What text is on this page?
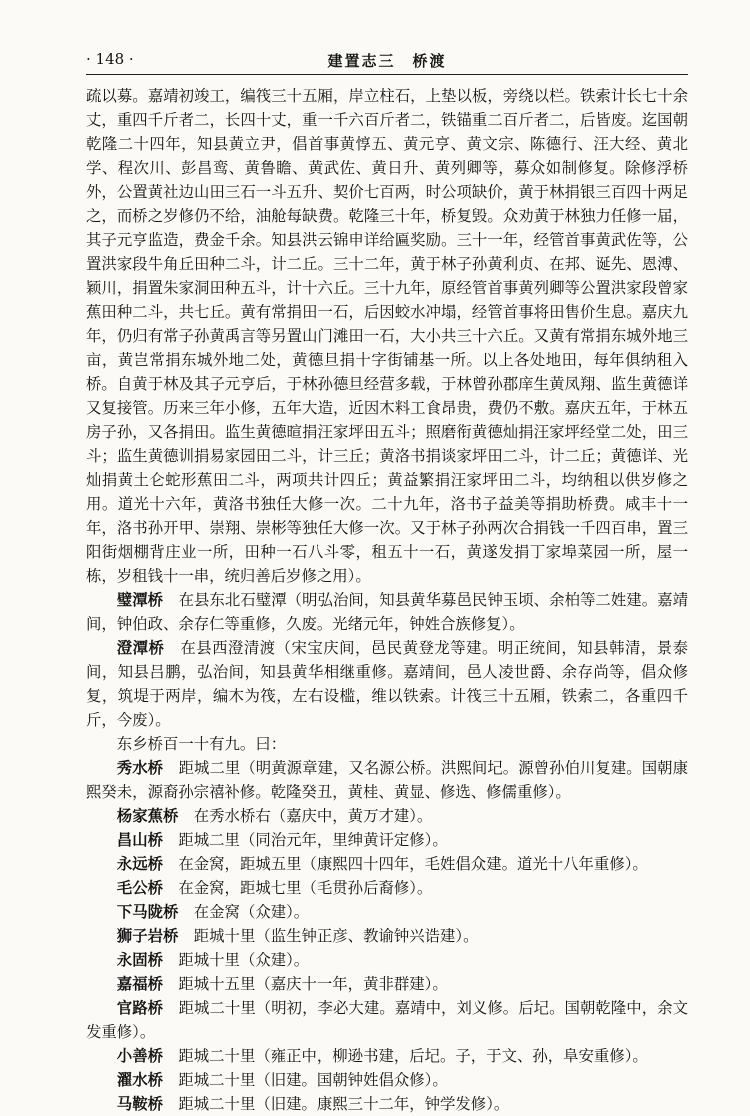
· 148 ·	建置志三　桥渡

疏以募。嘉靖初竣工，编筏三十五厢，岸立柱石，上垫以板，旁绕以栏。铁索计长七十余丈，重四千斤者二，长四十丈，重一千六百斤者二，铁锚重二百斤者二，后皆废。迄国朝乾隆二十四年，知县黄立尹，倡首事黄惇五、黄元亨、黄文宗、陈德行、汪大经、黄北学、程次川、彭昌鸾、黄鲁瞻、黄武佐、黄日升、黄列卿等，募众如制修复。除修浮桥外，公置黄社边山田三石一斗五升、契价七百两，时公项缺价，黄于林捐银三百四十两足之，而桥之岁修仍不给，油舱每缺费。乾隆三十年，桥复毁。众劝黄于林独力任修一届，其子元亨监造，费金千余。知县洪云锦申详给匾奖励。三十一年，经管首事黄武佐等，公置洪家段牛角丘田种二斗，计二丘。三十二年，黄于林子孙黄利贞、在邦、诞先、恩溥、颖川，捐置朱家洞田种五斗，计十六丘。三十九年，原经管首事黄列卿等公置洪家段曾家蕉田种二斗，共七丘。黄有常捐田一石，后因蛟水冲塌，经管首事将田售价生息。嘉庆九年，仍归有常子孙黄禹言等另置山门滩田一石，大小共三十六丘。又黄有常捐东城外地三亩，黄岂常捐东城外地二处，黄德旦捐十字街铺基一所。以上各处地田，每年俱纳租入桥。自黄于林及其子元亨后，于林孙德旦经营多载，于林曾孙郡庠生黄凤翔、监生黄德详又复接管。历来三年小修，五年大造，近因木料工食昂贵，费仍不敷。嘉庆五年，于林五房子孙，又各捐田。监生黄德暄捐汪家坪田五斗；照磨衔黄德灿捐汪家坪经堂二处，田三斗；监生黄德训捐易家园田二斗，计三丘；黄洛书捐谈家坪田二斗，计二丘；黄德详、光灿捐黄土仑蛇形蕉田二斗，两项共计四丘；黄益繁捐汪家坪田二斗，均纳租以供岁修之用。道光十六年，黄洛书独任大修一次。二十九年，洛书子益美等捐助桥费。咸丰十一年，洛书孙开甲、崇翔、崇彬等独任大修一次。又于林子孙两次合捐钱一千四百串，置三阳街烟棚背庄业一所，田种一石八斗零，租五十一石，黄遂发捐丁家埠菜园一所，屋一栋，岁租钱十一串，统归善后岁修之用）。

璧潭桥　在县东北石璧潭（明弘治间，知县黄华募邑民钟玉顷、余柏等二姓建。嘉靖间，钟伯政、余存仁等重修，久废。光绪元年，钟姓合族修复）。

澄潭桥　在县西澄清渡（宋宝庆间，邑民黄登龙等建。明正统间，知县韩清，景泰间，知县吕鹏，弘治间，知县黄华相继重修。嘉靖间，邑人凌世爵、余存尚等，倡众修复，筑堤于两岸，编木为筏，左右设槛，维以铁索。计筏三十五厢，铁索二，各重四千斤，今废）。

东乡桥百一十有九。曰：

秀水桥　距城二里（明黄源章建，又名源公桥。洪熙间圮。源曾孙伯川复建。国朝康熙癸未，源裔孙宗禧补修。乾隆癸丑，黄桂、黄显、修选、修儒重修）。

杨家蕉桥　在秀水桥右（嘉庆中，黄万才建）。

昌山桥　距城二里（同治元年，里绅黄讦定修）。

永远桥　在金窝，距城五里（康熙四十四年，毛姓倡众建。道光十八年重修）。

毛公桥　在金窝，距城七里（毛贯孙后裔修）。

下马陇桥　在金窝（众建）。

狮子岩桥　距城十里（监生钟正彦、教谕钟兴诰建）。

永固桥　距城十里（众建）。

嘉福桥　距城十五里（嘉庆十一年，黄非群建）。

官路桥　距城二十里（明初，李必大建。嘉靖中，刘义修。后圮。国朝乾隆中，余文发重修）。

小善桥　距城二十里（雍正中，柳逊书建，后圮。子，于文、孙，阜安重修）。

濯水桥　距城二十里（旧建。国朝钟姓倡众修）。

马鞍桥　距城二十里（旧建。康熙三十二年，钟学发修）。
